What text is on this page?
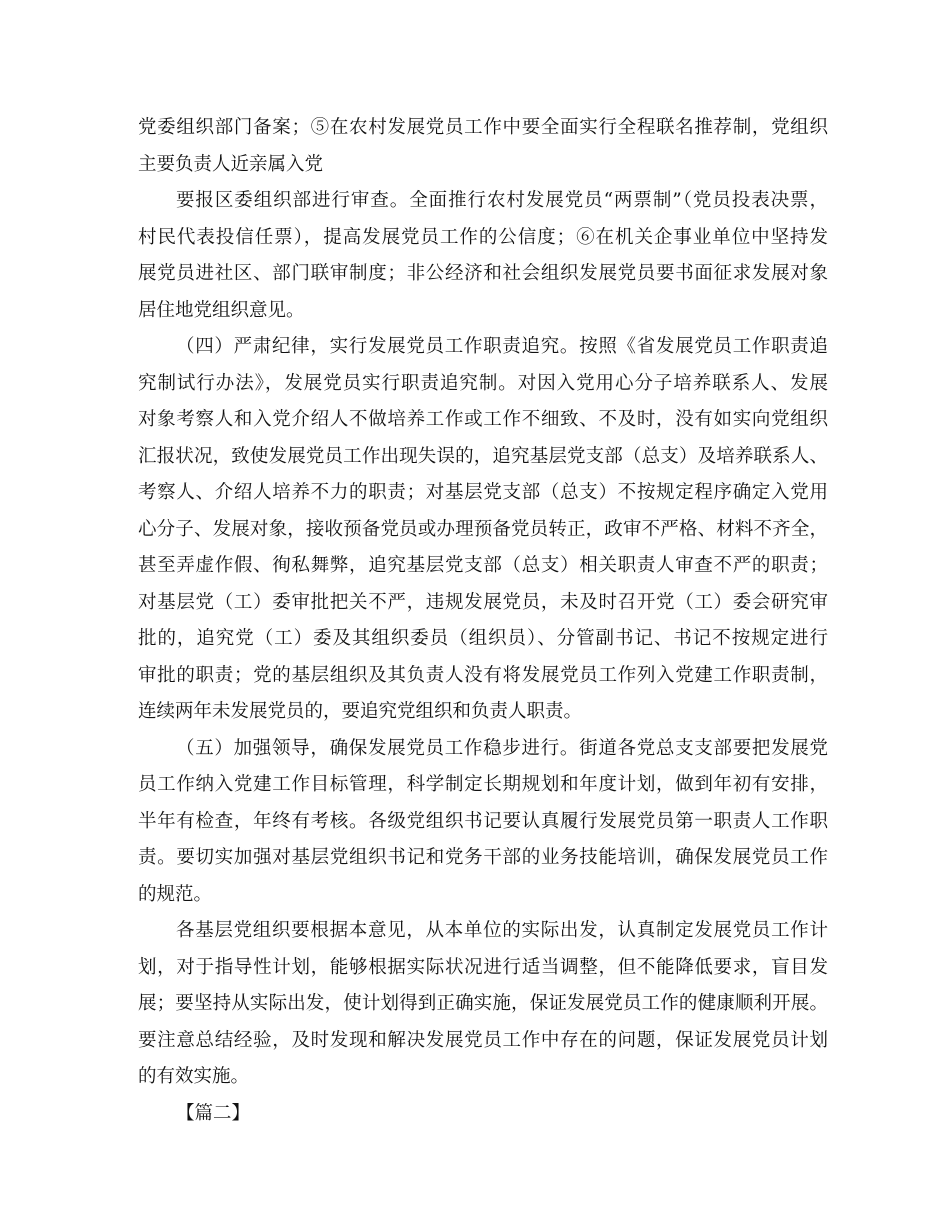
党委组织部门备案；⑤在农村发展党员工作中要全面实行全程联名推荐制，党组织
主要负责人近亲属入党
要报区委组织部进行审查。全面推行农村发展党员“两票制”（党员投表决票，
村民代表投信任票），提高发展党员工作的公信度；⑥在机关企事业单位中坚持发
展党员进社区、部门联审制度；非公经济和社会组织发展党员要书面征求发展对象
居住地党组织意见。
（四）严肃纪律，实行发展党员工作职责追究。按照《省发展党员工作职责追
究制试行办法》，发展党员实行职责追究制。对因入党用心分子培养联系人、发展
对象考察人和入党介绍人不做培养工作或工作不细致、不及时，没有如实向党组织
汇报状况，致使发展党员工作出现失误的，追究基层党支部（总支）及培养联系人、
考察人、介绍人培养不力的职责；对基层党支部（总支）不按规定程序确定入党用
心分子、发展对象，接收预备党员或办理预备党员转正，政审不严格、材料不齐全，
甚至弄虚作假、徇私舞弊，追究基层党支部（总支）相关职责人审查不严的职责；
对基层党（工）委审批把关不严，违规发展党员，未及时召开党（工）委会研究审
批的，追究党（工）委及其组织委员（组织员）、分管副书记、书记不按规定进行
审批的职责；党的基层组织及其负责人没有将发展党员工作列入党建工作职责制，
连续两年未发展党员的，要追究党组织和负责人职责。
（五）加强领导，确保发展党员工作稳步进行。街道各党总支支部要把发展党
员工作纳入党建工作目标管理，科学制定长期规划和年度计划，做到年初有安排，
半年有检查，年终有考核。各级党组织书记要认真履行发展党员第一职责人工作职
责。要切实加强对基层党组织书记和党务干部的业务技能培训，确保发展党员工作
的规范。
各基层党组织要根据本意见，从本单位的实际出发，认真制定发展党员工作计
划，对于指导性计划，能够根据实际状况进行适当调整，但不能降低要求，盲目发
展；要坚持从实际出发，使计划得到正确实施，保证发展党员工作的健康顺利开展。
要注意总结经验，及时发现和解决发展党员工作中存在的问题，保证发展党员计划
的有效实施。
【篇二】
